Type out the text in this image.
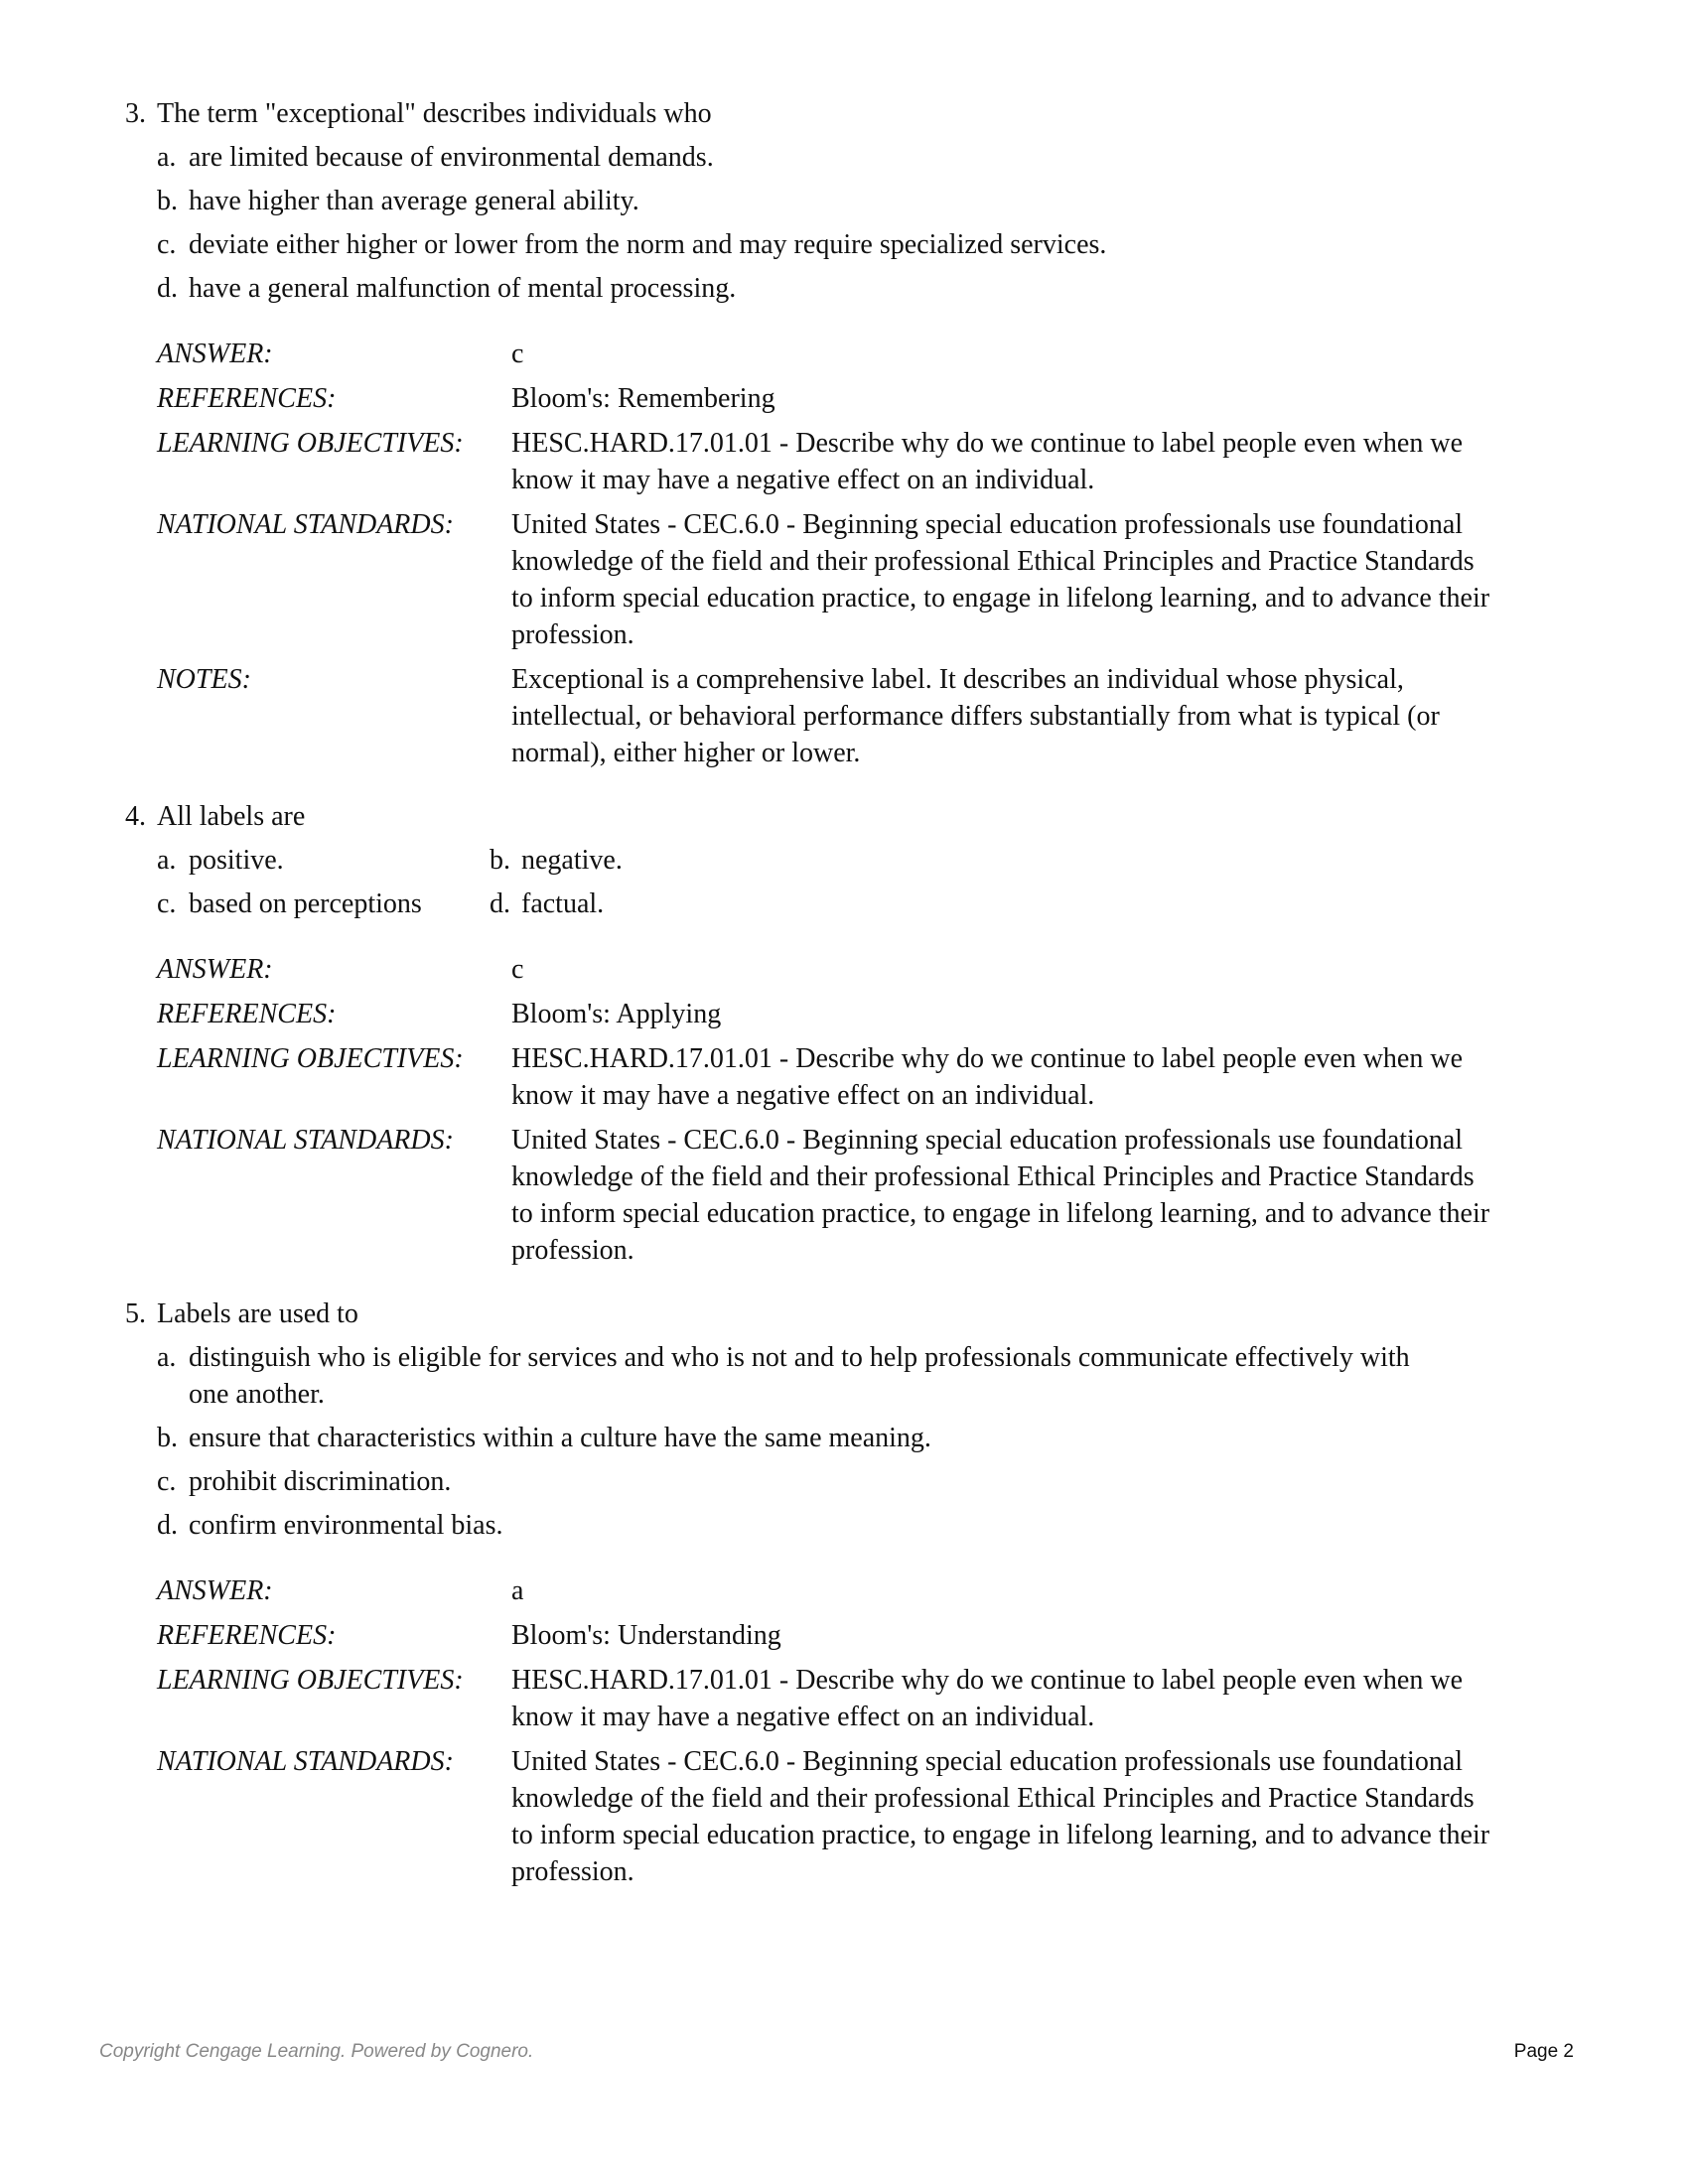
3. The term "exceptional" describes individuals who
a. are limited because of environmental demands.
b. have higher than average general ability.
c. deviate either higher or lower from the norm and may require specialized services.
d. have a general malfunction of mental processing.
ANSWER:	c
REFERENCES:	Bloom's: Remembering
LEARNING OBJECTIVES:	HESC.HARD.17.01.01 - Describe why do we continue to label people even when we
know it may have a negative effect on an individual.
NATIONAL STANDARDS:	United States - CEC.6.0 - Beginning special education professionals use foundational
knowledge of the field and their professional Ethical Principles and Practice Standards
to inform special education practice, to engage in lifelong learning, and to advance their
profession.
NOTES:	Exceptional is a comprehensive label. It describes an individual whose physical,
intellectual, or behavioral performance differs substantially from what is typical (or
normal), either higher or lower.
4. All labels are
a. positive.	b. negative.
c. based on perceptions d. factual.
ANSWER:	c
REFERENCES:	Bloom's: Applying
LEARNING OBJECTIVES:	HESC.HARD.17.01.01 - Describe why do we continue to label people even when we
know it may have a negative effect on an individual.
NATIONAL STANDARDS:	United States - CEC.6.0 - Beginning special education professionals use foundational
knowledge of the field and their professional Ethical Principles and Practice Standards
to inform special education practice, to engage in lifelong learning, and to advance their
profession.
5. Labels are used to
a. distinguish who is eligible for services and who is not and to help professionals communicate effectively with
one another.
b. ensure that characteristics within a culture have the same meaning.
c. prohibit discrimination.
d. confirm environmental bias.
ANSWER:	a
REFERENCES:	Bloom's: Understanding
LEARNING OBJECTIVES:	HESC.HARD.17.01.01 - Describe why do we continue to label people even when we
know it may have a negative effect on an individual.
NATIONAL STANDARDS:	United States - CEC.6.0 - Beginning special education professionals use foundational
knowledge of the field and their professional Ethical Principles and Practice Standards
to inform special education practice, to engage in lifelong learning, and to advance their
profession.
Copyright Cengage Learning. Powered by Cognero.	Page 2
